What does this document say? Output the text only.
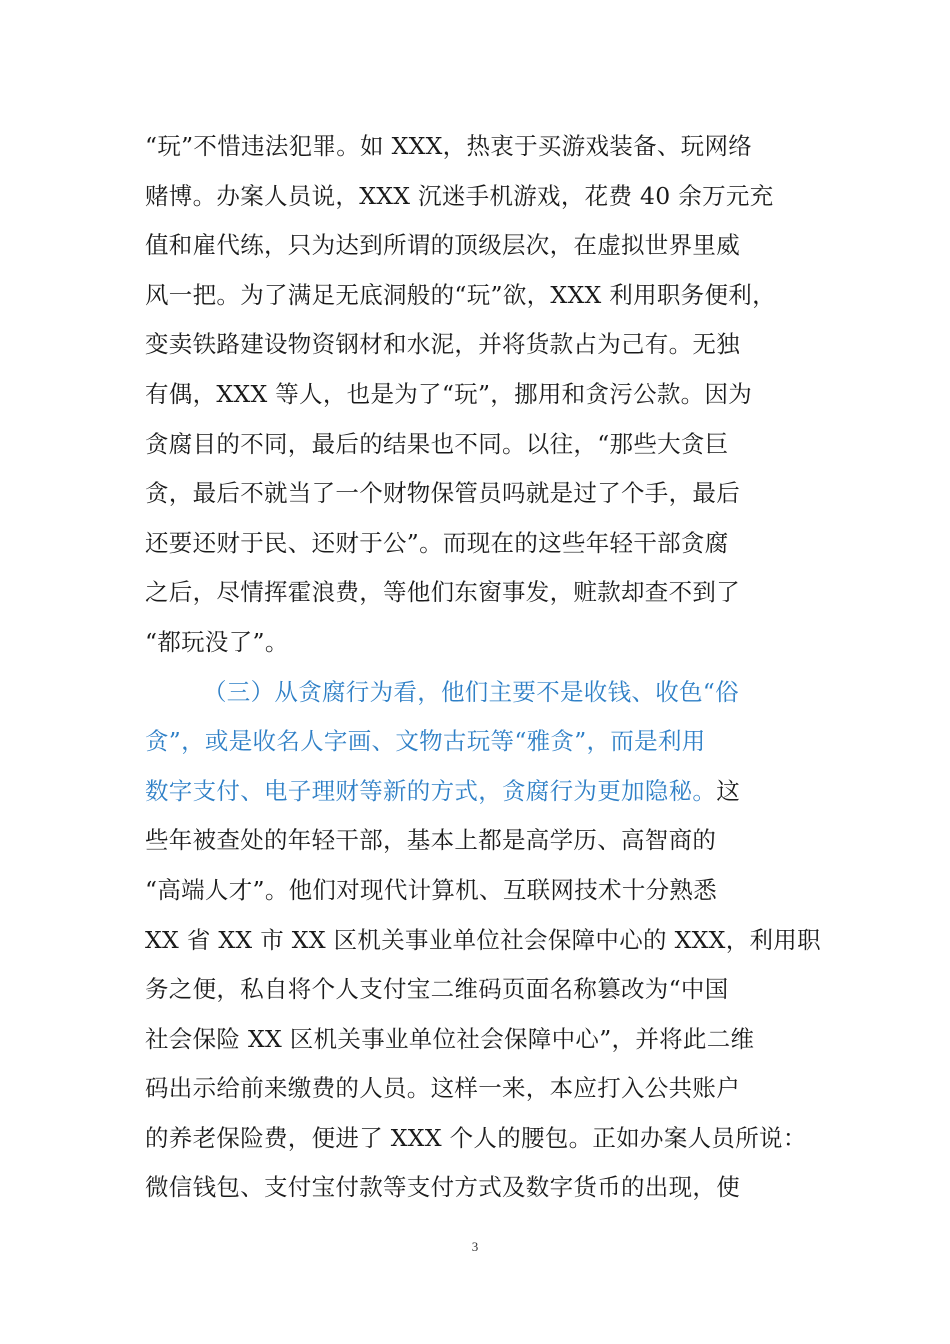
“玩”不惜违法犯罪。如 XXX，热衷于买游戏装备、玩网络
赌博。办案人员说，XXX 沉迷手机游戏，花费 40 余万元充
值和雇代练，只为达到所谓的顶级层次，在虚拟世界里威
风一把。为了满足无底洞般的“玩”欲，XXX 利用职务便利，
变卖铁路建设物资钢材和水泥，并将货款占为己有。无独
有偶，XXX 等人，也是为了“玩”，挪用和贪污公款。因为
贪腐目的不同，最后的结果也不同。以往，“那些大贪巨
贪，最后不就当了一个财物保管员吗就是过了个手，最后
还要还财于民、还财于公”。而现在的这些年轻干部贪腐
之后，尽情挥霍浪费，等他们东窗事发，赃款却查不到了
“都玩没了”。
（三）从贪腐行为看，他们主要不是收钱、收色“俗
贪”，或是收名人字画、文物古玩等“雅贪”，而是利用
数字支付、电子理财等新的方式，贪腐行为更加隐秘。这
些年被查处的年轻干部，基本上都是高学历、高智商的
“高端人才”。他们对现代计算机、互联网技术十分熟悉
XX 省 XX 市 XX 区机关事业单位社会保障中心的 XXX，利用职
务之便，私自将个人支付宝二维码页面名称篡改为“中国
社会保险 XX 区机关事业单位社会保障中心”，并将此二维
码出示给前来缴费的人员。这样一来，本应打入公共账户
的养老保险费，便进了 XXX 个人的腰包。正如办案人员所说：
微信钱包、支付宝付款等支付方式及数字货币的出现，使
3
